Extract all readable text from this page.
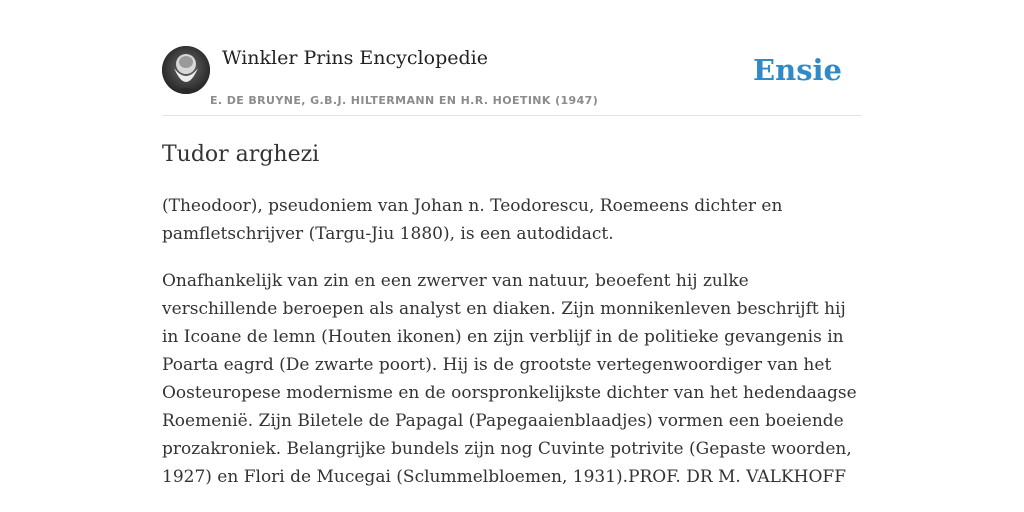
Winkler Prins Encyclopedie
E. DE BRUYNE, G.B.J. HILTERMANN EN H.R. HOETINK (1947)
Ensie
Tudor arghezi

(Theodoor), pseudoniem van Johan n. Teodorescu, Roemeens dichter en pamfletschrijver (Targu-Jiu 1880), is een autodidact.

Onafhankelijk van zin en een zwerver van natuur, beoefent hij zulke verschillende beroepen als analyst en diaken. Zijn monnikenleven beschrijft hij in Icoane de lemn (Houten ikonen) en zijn verblijf in de politieke gevangenis in Poarta eagrd (De zwarte poort). Hij is de grootste vertegenwoordiger van het Oosteuropese modernisme en de oorspronkelijkste dichter van het hedendaagse Roemenië. Zijn Biletele de Papagal (Papegaaienblaadjes) vormen een boeiende prozakroniek. Belangrijke bundels zijn nog Cuvinte potrivite (Gepaste woorden, 1927) en Flori de Mucegai (Sclummelbloemen, 1931).PROF. DR M. VALKHOFF
